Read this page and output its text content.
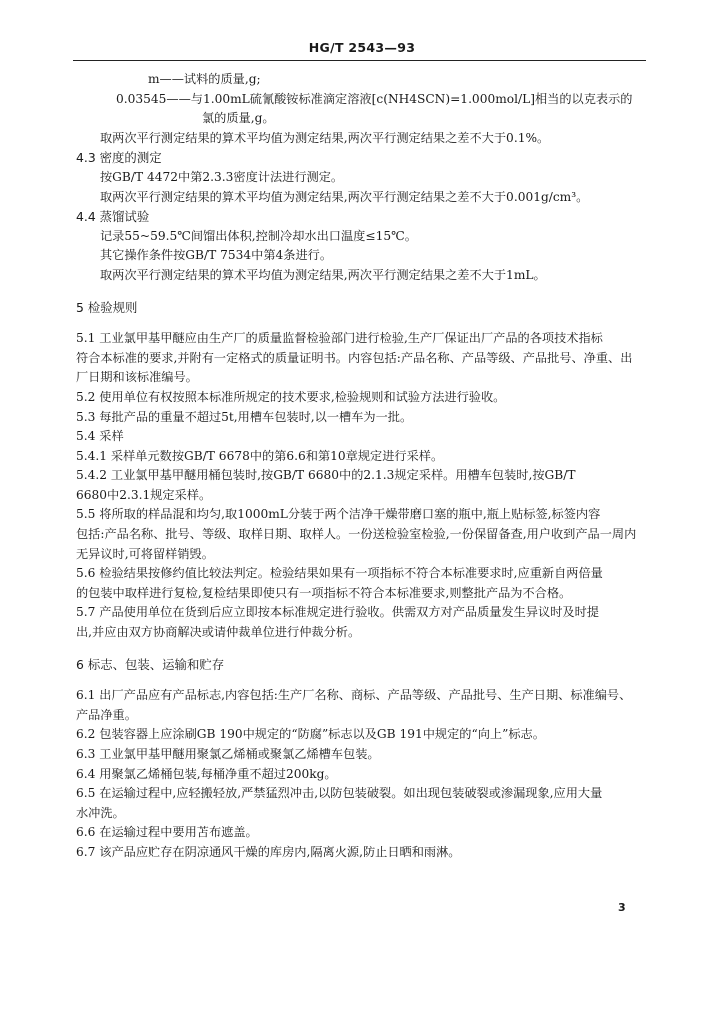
HG/T 2543—93
m——试料的质量,g;
0.03545——与1.00mL硫氰酸铵标准滴定溶液[c(NH4SCN)=1.000mol/L]相当的以克表示的
氯的质量,g。
取两次平行测定结果的算术平均值为测定结果,两次平行测定结果之差不大于0.1%。
4.3 密度的测定
按GB/T 4472中第2.3.3密度计法进行测定。
取两次平行测定结果的算术平均值为测定结果,两次平行测定结果之差不大于0.001g/cm³。
4.4 蒸馏试验
记录55~59.5℃间馏出体积,控制冷却水出口温度≤15℃。
其它操作条件按GB/T 7534中第4条进行。
取两次平行测定结果的算术平均值为测定结果,两次平行测定结果之差不大于1mL。
5 检验规则
5.1 工业氯甲基甲醚应由生产厂的质量监督检验部门进行检验,生产厂保证出厂产品的各项技术指标
符合本标准的要求,并附有一定格式的质量证明书。内容包括:产品名称、产品等级、产品批号、净重、出
厂日期和该标准编号。
5.2 使用单位有权按照本标准所规定的技术要求,检验规则和试验方法进行验收。
5.3 每批产品的重量不超过5t,用槽车包装时,以一槽车为一批。
5.4 采样
5.4.1 采样单元数按GB/T 6678中的第6.6和第10章规定进行采样。
5.4.2 工业氯甲基甲醚用桶包装时,按GB/T 6680中的2.1.3规定采样。用槽车包装时,按GB/T
6680中2.3.1规定采样。
5.5 将所取的样品混和均匀,取1000mL分装于两个洁净干燥带磨口塞的瓶中,瓶上贴标签,标签内容
包括:产品名称、批号、等级、取样日期、取样人。一份送检验室检验,一份保留备查,用户收到产品一周内
无异议时,可将留样销毁。
5.6 检验结果按修约值比较法判定。检验结果如果有一项指标不符合本标准要求时,应重新自两倍量
的包装中取样进行复检,复检结果即使只有一项指标不符合本标准要求,则整批产品为不合格。
5.7 产品使用单位在货到后应立即按本标准规定进行验收。供需双方对产品质量发生异议时及时提
出,并应由双方协商解决或请仲裁单位进行仲裁分析。
6 标志、包装、运输和贮存
6.1 出厂产品应有产品标志,内容包括:生产厂名称、商标、产品等级、产品批号、生产日期、标准编号、
产品净重。
6.2 包装容器上应涂刷GB 190中规定的“防腐”标志以及GB 191中规定的“向上”标志。
6.3 工业氯甲基甲醚用聚氯乙烯桶或聚氯乙烯槽车包装。
6.4 用聚氯乙烯桶包装,每桶净重不超过200kg。
6.5 在运输过程中,应轻搬轻放,严禁猛烈冲击,以防包装破裂。如出现包装破裂或渗漏现象,应用大量
水冲洗。
6.6 在运输过程中要用苫布遮盖。
6.7 该产品应贮存在阴凉通风干燥的库房内,隔离火源,防止日晒和雨淋。
3
